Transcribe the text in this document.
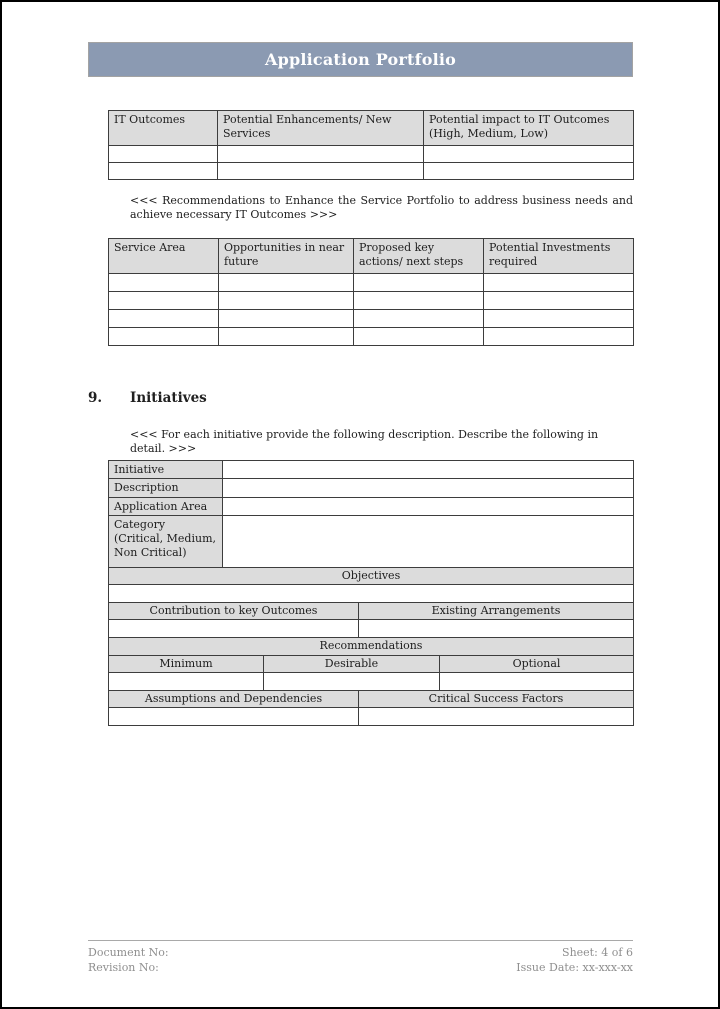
Application Portfolio
IT Outcomes	Potential Enhancements/ New Services	Potential impact to IT Outcomes (High, Medium, Low)

<<< Recommendations to Enhance the Service Portfolio to address business needs and achieve necessary IT Outcomes >>>
Service Area	Opportunities in near future	Proposed key actions/ next steps	Potential Investments required

9. Initiatives
<<< For each initiative provide the following description. Describe the following in detail. >>>
Initiative				
Description				
Application Area				
Category (Critical, Medium, Non Critical)				
Objectives				

Contribution to key Outcomes			Existing Arrangements	

Recommendations				
Minimum		Desirable		Optional

Assumptions and Dependencies			Critical Success Factors	

Document No:
Revision No:
Sheet: 4 of 6
Issue Date: xx-xxx-xx
